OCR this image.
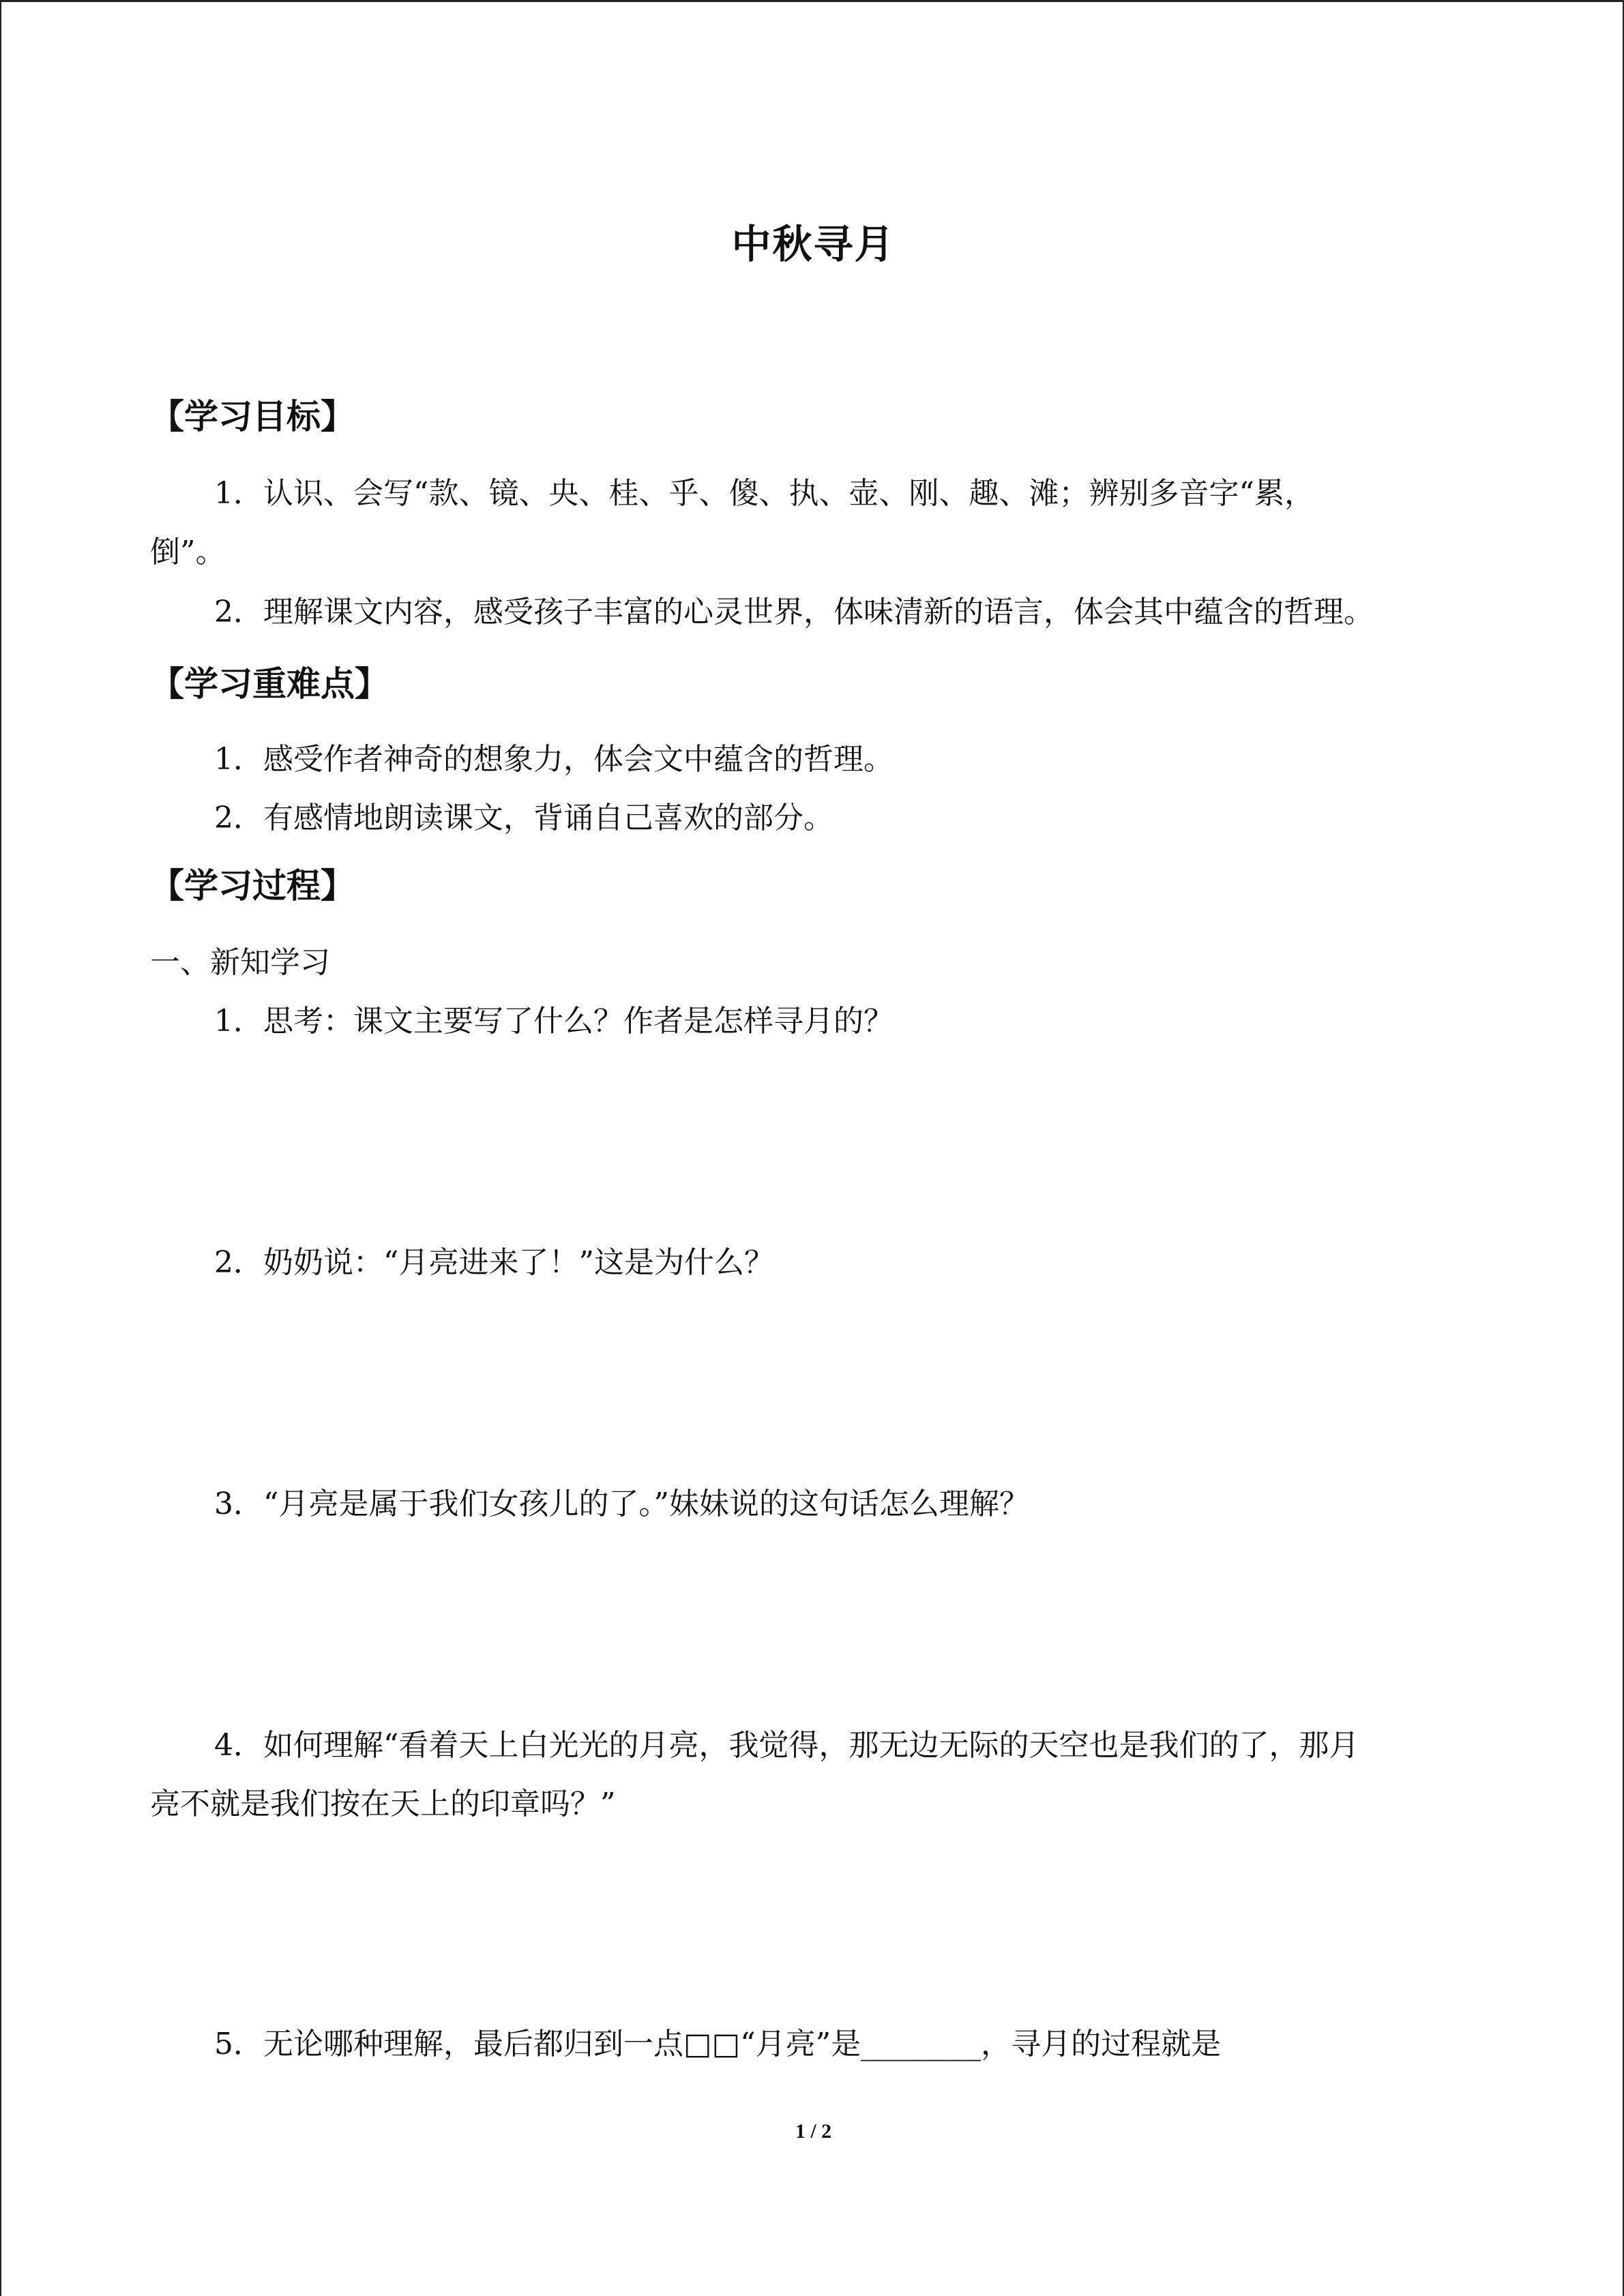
中秋寻月
【学习目标】
1．认识、会写“款、镜、央、桂、乎、傻、执、壶、刚、趣、滩；辨别多音字“累，
倒”。
2．理解课文内容，感受孩子丰富的心灵世界，体味清新的语言，体会其中蕴含的哲理。
【学习重难点】
1．感受作者神奇的想象力，体会文中蕴含的哲理。
2．有感情地朗读课文，背诵自己喜欢的部分。
【学习过程】
一、新知学习
1．思考：课文主要写了什么？作者是怎样寻月的？
2．奶奶说：“月亮进来了！”这是为什么？
3．“月亮是属于我们女孩儿的了。”妹妹说的这句话怎么理解？
4．如何理解“看着天上白光光的月亮，我觉得，那无边无际的天空也是我们的了，那月
亮不就是我们按在天上的印章吗？”
5．无论哪种理解，最后都归到一点□□“月亮”是________，寻月的过程就是
1 / 2
